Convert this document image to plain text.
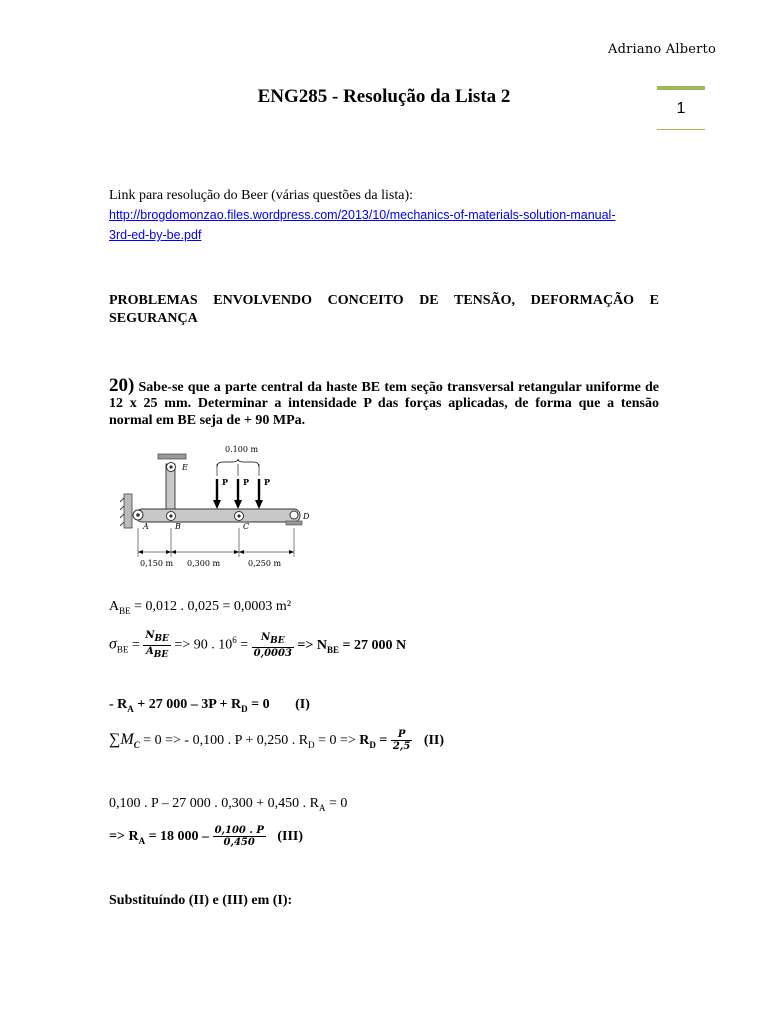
Adriano Alberto
ENG285 - Resolução da Lista 2
1
Link para resolução do Beer (várias questões da lista):
http://brogdomonzao.files.wordpress.com/2013/10/mechanics-of-materials-solution-manual-
3rd-ed-by-be.pdf
PROBLEMAS ENVOLVENDO CONCEITO DE TENSÃO, DEFORMAÇÃO E
SEGURANÇA
20) Sabe-se que a parte central da haste BE tem seção transversal retangular uniforme de
12 x 25 mm. Determinar a intensidade P das forças aplicadas, de forma que a tensão
normal em BE seja de + 90 MPa.
P P P
0.100 m
A	B	C
D
E
0,150 m 0,300 m	0,250 m
$A_{BE} = 0,012$ . 0,025 = 0,0003 m²
$\sigma_{BE} = \frac{N_{BE}}{A_{BE}} => 90$ . $10^6 = \frac{N_{BE}}{0,0003} => N_{BE} = 27$ 000 N
- $R_A + 27$ $000 - 3P + R_D = 0$ (I)
$\sum M_C = 0$ => - 0,100 . P + 0,250 . $R_D = 0 => R_D = \frac{P}{2,5} (II)$
0,100 . P – 27 000 . 0,300 + 0,450 . $R_A = 0$
=> $R_A = 18$ $000 - \frac{0,100 . P}{0,450} (III)$
Substituíndo (II) e (III) em (I):
